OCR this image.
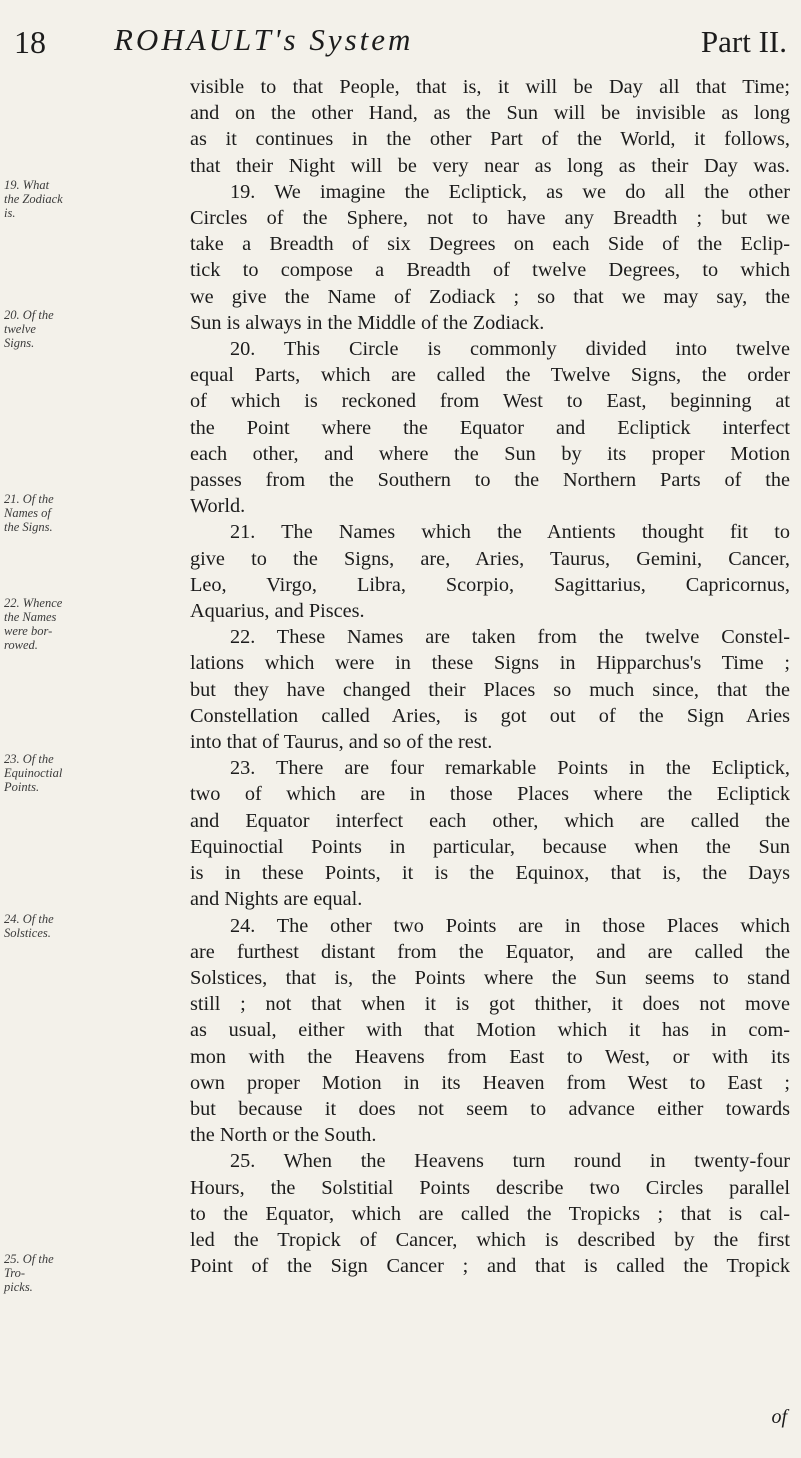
18 ROHAULT's System	Part II.
19. What
the Zodiack
is.
20. Of the
twelve
Signs.
21. Of the
Names of
the Signs.
22. Whence
the Names
were bor-
rowed.
23. Of the
Equinoctial
Points.
24. Of the
Solstices.
25. Of the
Tro-
picks.
visible to that People, that is, it will be Day all that Time;
and on the other Hand, as the Sun will be invisible as long
as it continues in the other Part of the World, it follows,
that their Night will be very near as long as their Day was.
19. We imagine the Ecliptick, as we do all the other
Circles of the Sphere, not to have any Breadth ; but we
take a Breadth of six Degrees on each Side of the Eclip-
tick to compose a Breadth of twelve Degrees, to which
we give the Name of Zodiack ; so that we may say, the
Sun is always in the Middle of the Zodiack.
20. This Circle is commonly divided into twelve
equal Parts, which are called the Twelve Signs, the order
of which is reckoned from West to East, beginning at
the Point where the Equator and Ecliptick interfect
each other, and where the Sun by its proper Motion
passes from the Southern to the Northern Parts of the
World.
21. The Names which the Antients thought fit to
give to the Signs, are, Aries, Taurus, Gemini, Cancer,
Leo, Virgo, Libra, Scorpio, Sagittarius, Capricornus,
Aquarius, and Pisces.
22. These Names are taken from the twelve Constel-
lations which were in these Signs in Hipparchus's Time ;
but they have changed their Places so much since, that the
Constellation called Aries, is got out of the Sign Aries
into that of Taurus, and so of the rest.
23. There are four remarkable Points in the Ecliptick,
two of which are in those Places where the Ecliptick
and Equator interfect each other, which are called the
Equinoctial Points in particular, because when the Sun
is in these Points, it is the Equinox, that is, the Days
and Nights are equal.
24. The other two Points are in those Places which
are furthest distant from the Equator, and are called the
Solstices, that is, the Points where the Sun seems to stand
still ; not that when it is got thither, it does not move
as usual, either with that Motion which it has in com-
mon with the Heavens from East to West, or with its
own proper Motion in its Heaven from West to East ;
but because it does not seem to advance either towards
the North or the South.
25. When the Heavens turn round in twenty-four
Hours, the Solstitial Points describe two Circles parallel
to the Equator, which are called the Tropicks ; that is cal-
led the Tropick of Cancer, which is described by the first
Point of the Sign Cancer ; and that is called the Tropick
of
